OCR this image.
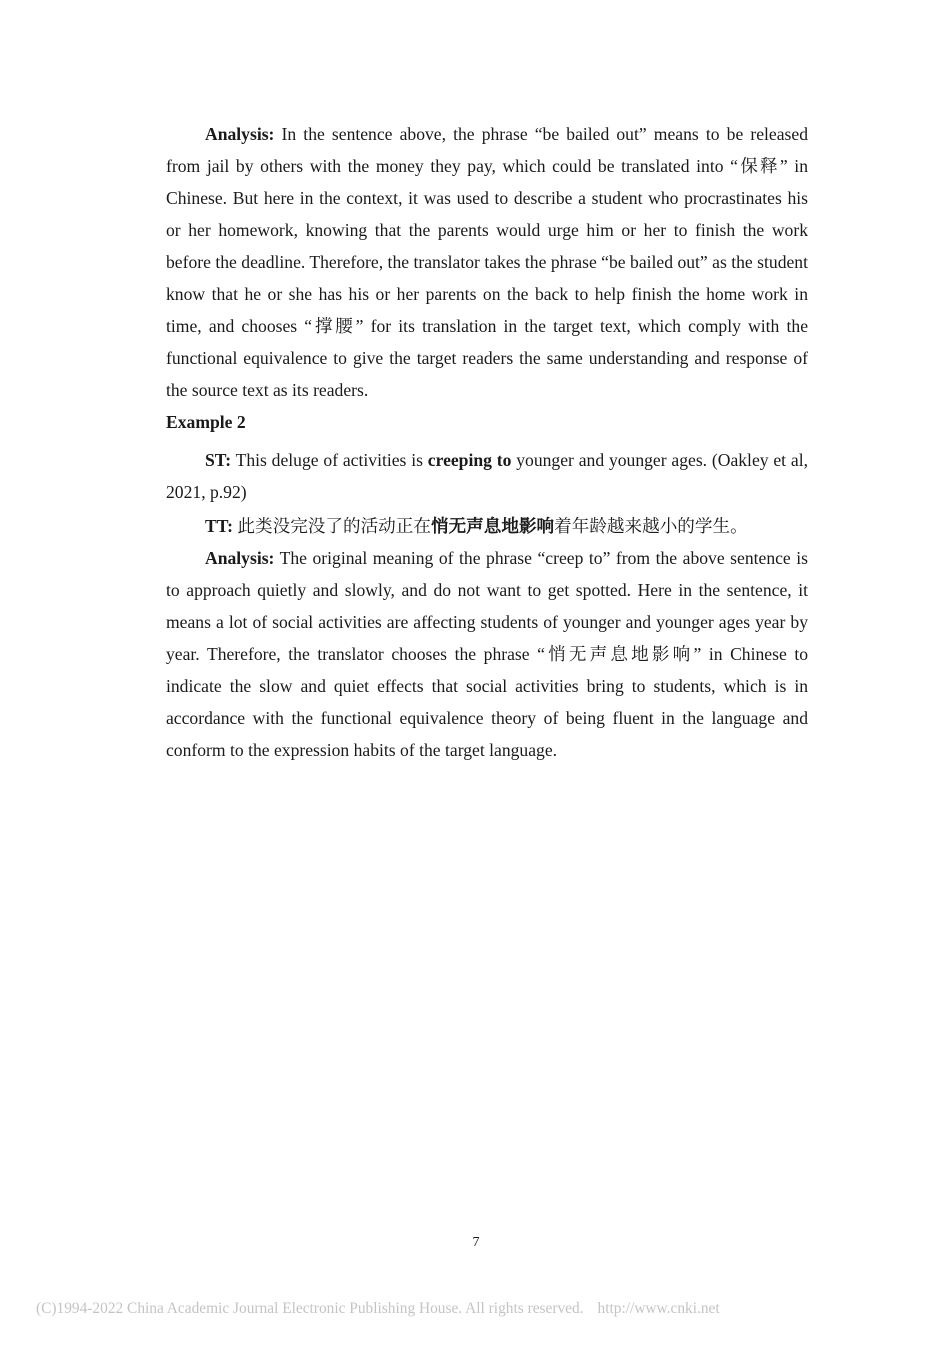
Analysis: In the sentence above, the phrase “be bailed out” means to be released from jail by others with the money they pay, which could be translated into “保释” in Chinese. But here in the context, it was used to describe a student who procrastinates his or her homework, knowing that the parents would urge him or her to finish the work before the deadline. Therefore, the translator takes the phrase “be bailed out” as the student know that he or she has his or her parents on the back to help finish the home work in time, and chooses “撑腰” for its translation in the target text, which comply with the functional equivalence to give the target readers the same understanding and response of the source text as its readers.

Example 2

ST: This deluge of activities is creeping to younger and younger ages. (Oakley et al, 2021, p.92)

TT: 此类没完没了的活动正在悄无声息地影响着年龄越来越小的学生。

Analysis: The original meaning of the phrase “creep to” from the above sentence is to approach quietly and slowly, and do not want to get spotted. Here in the sentence, it means a lot of social activities are affecting students of younger and younger ages year by year. Therefore, the translator chooses the phrase “悄无声息地影响” in Chinese to indicate the slow and quiet effects that social activities bring to students, which is in accordance with the functional equivalence theory of being fluent in the language and conform to the expression habits of the target language.

7
(C)1994-2022 China Academic Journal Electronic Publishing House. All rights reserved. http://www.cnki.net
